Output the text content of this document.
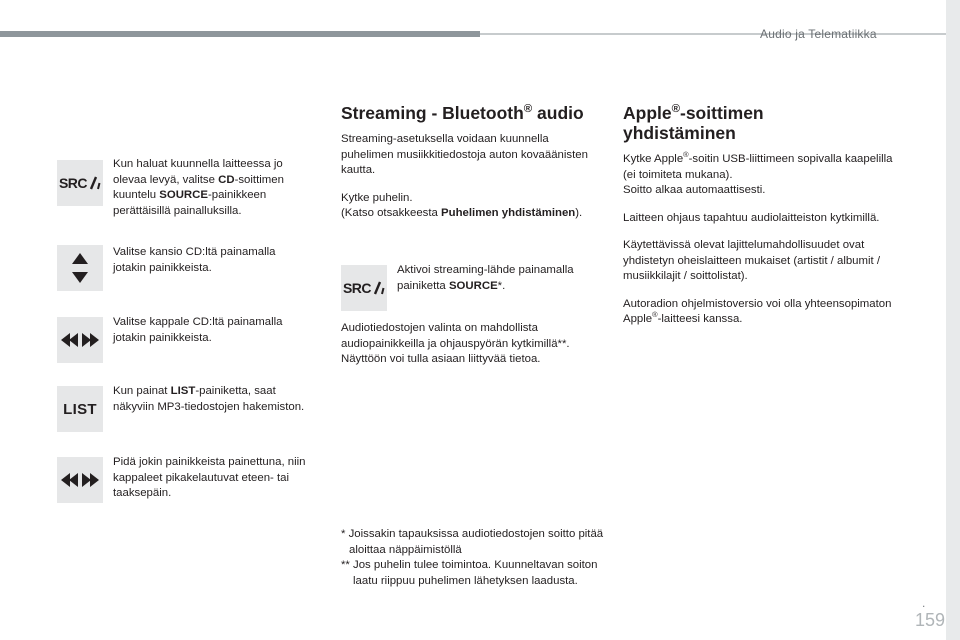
Audio ja Telematiikka
SRC
Kun haluat kuunnella laitteessa jo olevaa levyä, valitse CD-soittimen kuuntelu SOURCE-painikkeen perättäisillä painalluksilla.
Valitse kansio CD:ltä painamalla jotakin painikkeista.
Valitse kappale CD:ltä painamalla jotakin painikkeista.
LIST
Kun painat LIST-painiketta, saat näkyviin MP3-tiedostojen hakemiston.
Pidä jokin painikkeista painettuna, niin kappaleet pikakelautuvat eteen- tai taaksepäin.
Streaming - Bluetooth® audio

Streaming-asetuksella voidaan kuunnella puhelimen musiikkitiedostoja auton kovaäänisten kautta.

Kytke puhelin.
(Katso otsakkeesta Puhelimen yhdistäminen).

SRC
Aktivoi streaming-lähde painamalla painiketta SOURCE*.

Audiotiedostojen valinta on mahdollista audiopainikkeilla ja ohjauspyörän kytkimillä**. Näyttöön voi tulla asiaan liittyvää tietoa.

* Joissakin tapauksissa audiotiedostojen soitto pitää aloittaa näppäimistöllä
** Jos puhelin tulee toimintoa. Kuunneltavan soiton laatu riippuu puhelimen lähetyksen laadusta.
Apple®-soittimen
yhdistäminen

Kytke Apple®-soitin USB-liittimeen sopivalla kaapelilla (ei toimiteta mukana).
Soitto alkaa automaattisesti.

Laitteen ohjaus tapahtuu audiolaitteiston kytkimillä.

Käytettävissä olevat lajittelumahdollisuudet ovat yhdistetyn oheislaitteen mukaiset (artistit / albumit / musiikkilajit / soittolistat).

Autoradion ohjelmistoversio voi olla yhteensopimaton Apple®-laitteesi kanssa.

.
159
